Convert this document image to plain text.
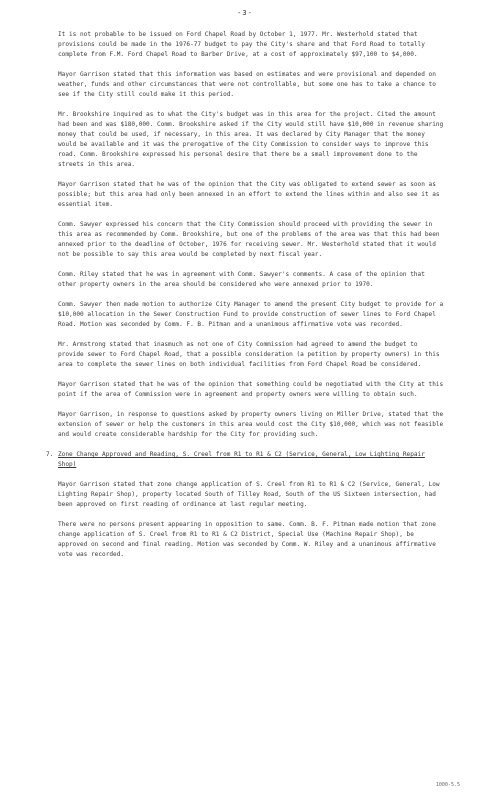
-3-

It is not probable to be issued on Ford Chapel Road by October 1, 1977. Mr. Westerhold stated that provisions could be made in the 1976-77 budget to pay the City's share and that Ford Road to totally complete from F.M. Ford Chapel Road to Barber Drive, at a cost of approximately $97,100 to $4,000.

Mayor Garrison stated that this information was based on estimates and were provisional and depended on weather, funds and other circumstances that were not controllable, but some one has to take a chance to see if the City still could make it this period.

Mr. Brookshire inquired as to what the City's budget was in this area for the project. Cited the amount had been and was $180,000. Comm. Brookshire asked if the City would still have $10,000 in revenue sharing money that could be used, if necessary, in this area. It was declared by City Manager that the money would be available and it was the prerogative of the City Commission to consider ways to improve this road. Comm. Brookshire expressed his personal desire that there be a small improvement done to the streets in this area.

Mayor Garrison stated that he was of the opinion that the City was obligated to extend sewer as soon as possible; but this area had only been annexed in an effort to extend the lines within and also see it as essential item.

Comm. Sawyer expressed his concern that the City Commission should proceed with providing the sewer in this area as recommended by Comm. Brookshire, but one of the problems of the area was that this had been annexed prior to the deadline of October, 1976 for receiving sewer. Mr. Westerhold stated that it would not be possible to say this area would be completed by next fiscal year.

Comm. Riley stated that he was in agreement with Comm. Sawyer's comments. A case of the opinion that other property owners in the area should be considered who were annexed prior to 1970.

Comm. Sawyer then made motion to authorize City Manager to amend the present City budget to provide for a $10,000 allocation in the Sewer Construction Fund to provide construction of sewer lines to Ford Chapel Road. Motion was seconded by Comm. F. B. Pitman and a unanimous affirmative vote was recorded.

Mr. Armstrong stated that inasmuch as not one of City Commission had agreed to amend the budget to provide sewer to Ford Chapel Road, that a possible consideration (a petition by property owners) in this area to complete the sewer lines on both individual facilities from Ford Chapel Road be considered.

Mayor Garrison stated that he was of the opinion that something could be negotiated with the City at this point if the area of Commission were in agreement and property owners were willing to obtain such.

Mayor Garrison, in response to questions asked by property owners living on Miller Drive, stated that the extension of sewer or help the customers in this area would cost the City $10,000, which was not feasible and would create considerable hardship for the City for providing such.

7. Zone Change Approved and Reading, S. Creel from R1 to R1 & C2 (Service, General, Low Lighting Repair Shop)

Mayor Garrison stated that zone change application of S. Creel from R1 to R1 & C2 (Service, General, Low Lighting Repair Shop), property located South of Tilley Road, South of the US Sixteen intersection, had been approved on first reading of ordinance at last regular meeting.

There were no persons present appearing in opposition to same. Comm. B. F. Pitman made motion that zone change application of S. Creel from R1 to R1 & C2 District, Special Use (Machine Repair Shop), be approved on second and final reading. Motion was seconded by Comm. W. Riley and a unanimous affirmative vote was recorded.

1000-5.5
